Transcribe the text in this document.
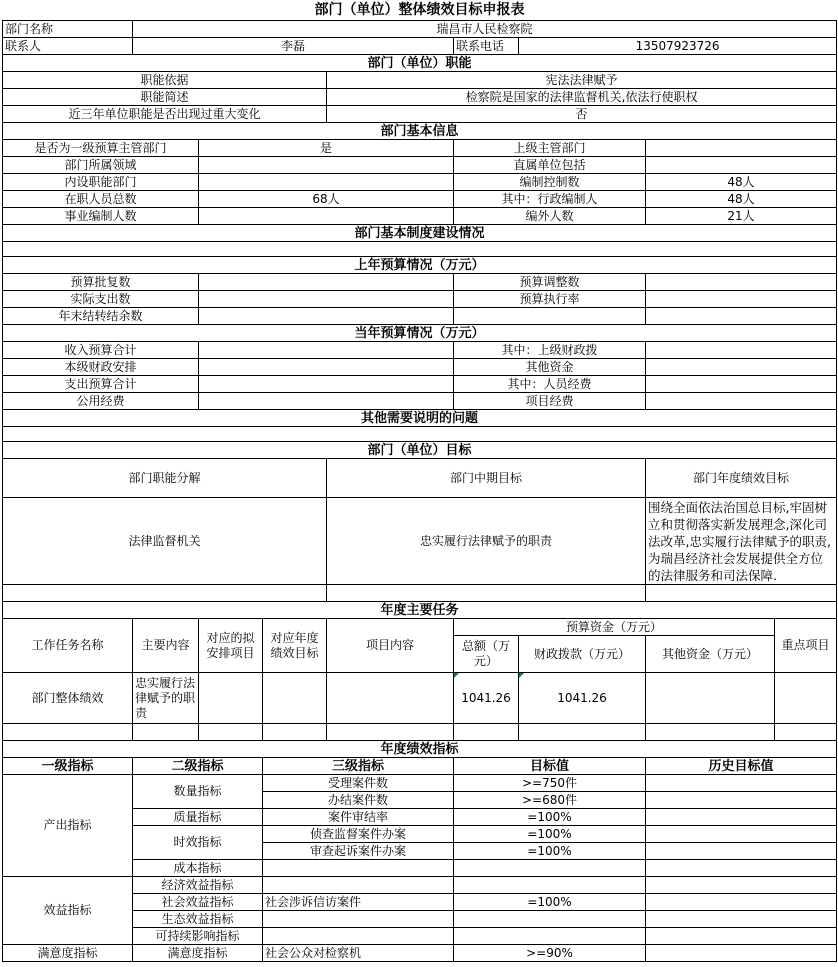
部门（单位）整体绩效目标申报表								
部门名称	瑞昌市人民检察院							
联系人	李磊				联系电话	13507923726		
部门（单位）职能								
职能依据				宪法法律赋予				
职能简述				检察院是国家的法律监督机关,依法行使职权				
近三年单位职能是否出现过重大变化				否				
部门基本信息								
是否为一级预算主管部门		是			上级主管部门			
部门所属领域					直属单位包括			
内设职能部门					编制控制数		48人	
在职人员总数		68人			其中：行政编制人		48人	
事业编制人数					编外人数		21人	
部门基本制度建设情况								

上年预算情况（万元）								
预算批复数					预算调整数			
实际支出数					预算执行率			
年末结转结余数								
当年预算情况（万元）								
收入预算合计					其中：上级财政拨			
本级财政安排					其他资金			
支出预算合计					其中：人员经费			
公用经费					项目经费			
其他需要说明的问题								

部门（单位）目标								
部门职能分解				部门中期目标			部门年度绩效目标	
法律监督机关				忠实履行法律赋予的职责			围绕全面依法治国总目标,牢固树立和贯彻落实新发展理念,深化司法改革,忠实履行法律赋予的职责,为瑞昌经济社会发展提供全方位的法律服务和司法保障.	

年度主要任务								
工作任务名称	主要内容	对应的拟安排项目	对应年度绩效目标	项目内容	预算资金（万元）			重点项目
					总额（万元）	财政拨款（万元）	其他资金（万元）	
部门整体绩效	忠实履行法律赋予的职责				1041.26	1041.26		

年度绩效指标								
一级指标	二级指标		三级指标		目标值		历史目标值	
产出指标	数量指标		受理案件数		>=750件			
			办结案件数		>=680件			
	质量指标		案件审结率		=100%			
	时效指标		侦查监督案件办案		=100%			
			审查起诉案件办案		=100%			
	成本指标							
效益指标	经济效益指标							
	社会效益指标		社会涉诉信访案件		=100%			
	生态效益指标							
	可持续影响指标							
满意度指标	满意度指标		社会公众对检察机		>=90%			
